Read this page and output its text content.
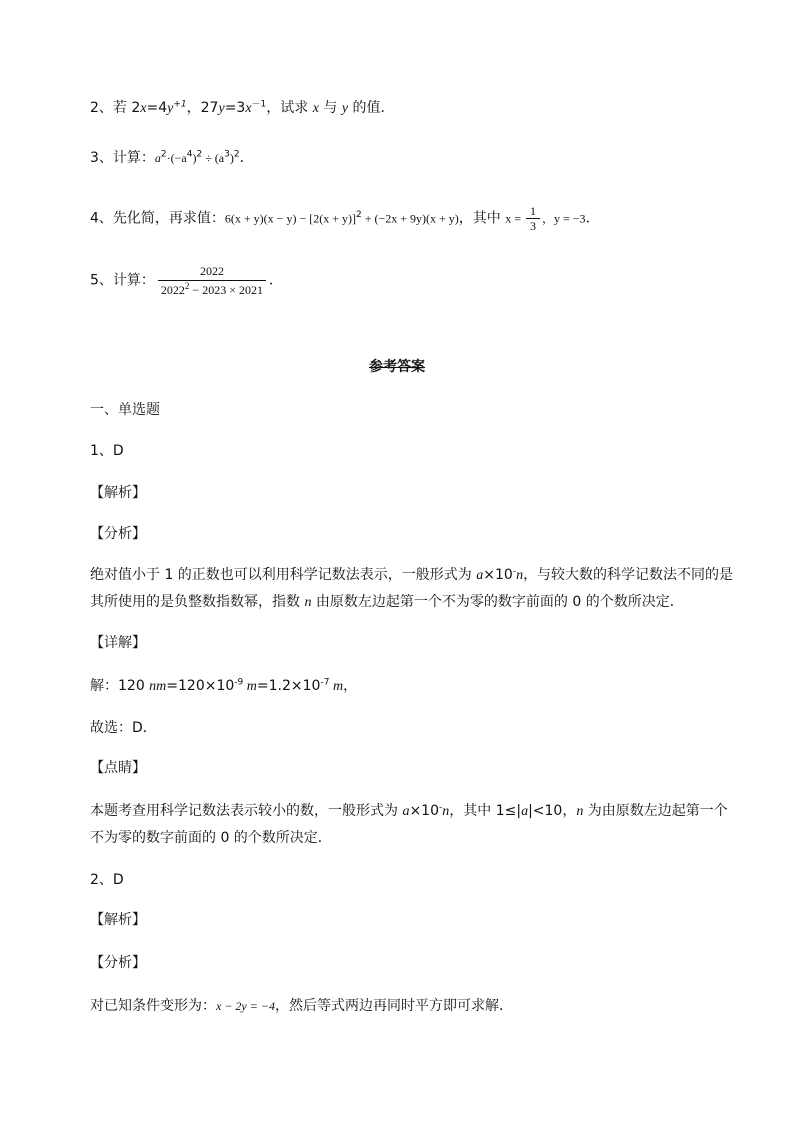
2、若 $2x=4y^{+1}$，$27y=3x^{-1}$，试求 x 与 y 的值．
3、计算：$a^2\cdot(-a^4)^2 \div (a^3)^2$．
4、先化简，再求值：$6(x + y)(x - y) - [2(x + y)]^2 + (-2x + 9y)(x + y)$，其中 $x = \frac{1}{3}$ ，y = −3．
5、计算： $\frac{2022}{2022^2 - 2023 \times 2021}$ ．
参考答案
一、单选题
1、D
【解析】
【分析】
绝对值小于 1 的正数也可以利用科学记数法表示，一般形式为 a×10-n，与较大数的科学记数法不同的是其所使用的是负整数指数幂，指数 n 由原数左边起第一个不为零的数字前面的 0 的个数所决定．
【详解】
解：120 $nm=120\times 10^{-9}$ $m=1.2\times 10^{-7}$ m，
故选：D．
【点睛】
本题考查用科学记数法表示较小的数，一般形式为 a×10-n，其中 1≤|a|<10，n 为由原数左边起第一个不为零的数字前面的 0 的个数所决定．
2、D
【解析】
【分析】
对已知条件变形为：x − 2y = −4，然后等式两边再同时平方即可求解．
